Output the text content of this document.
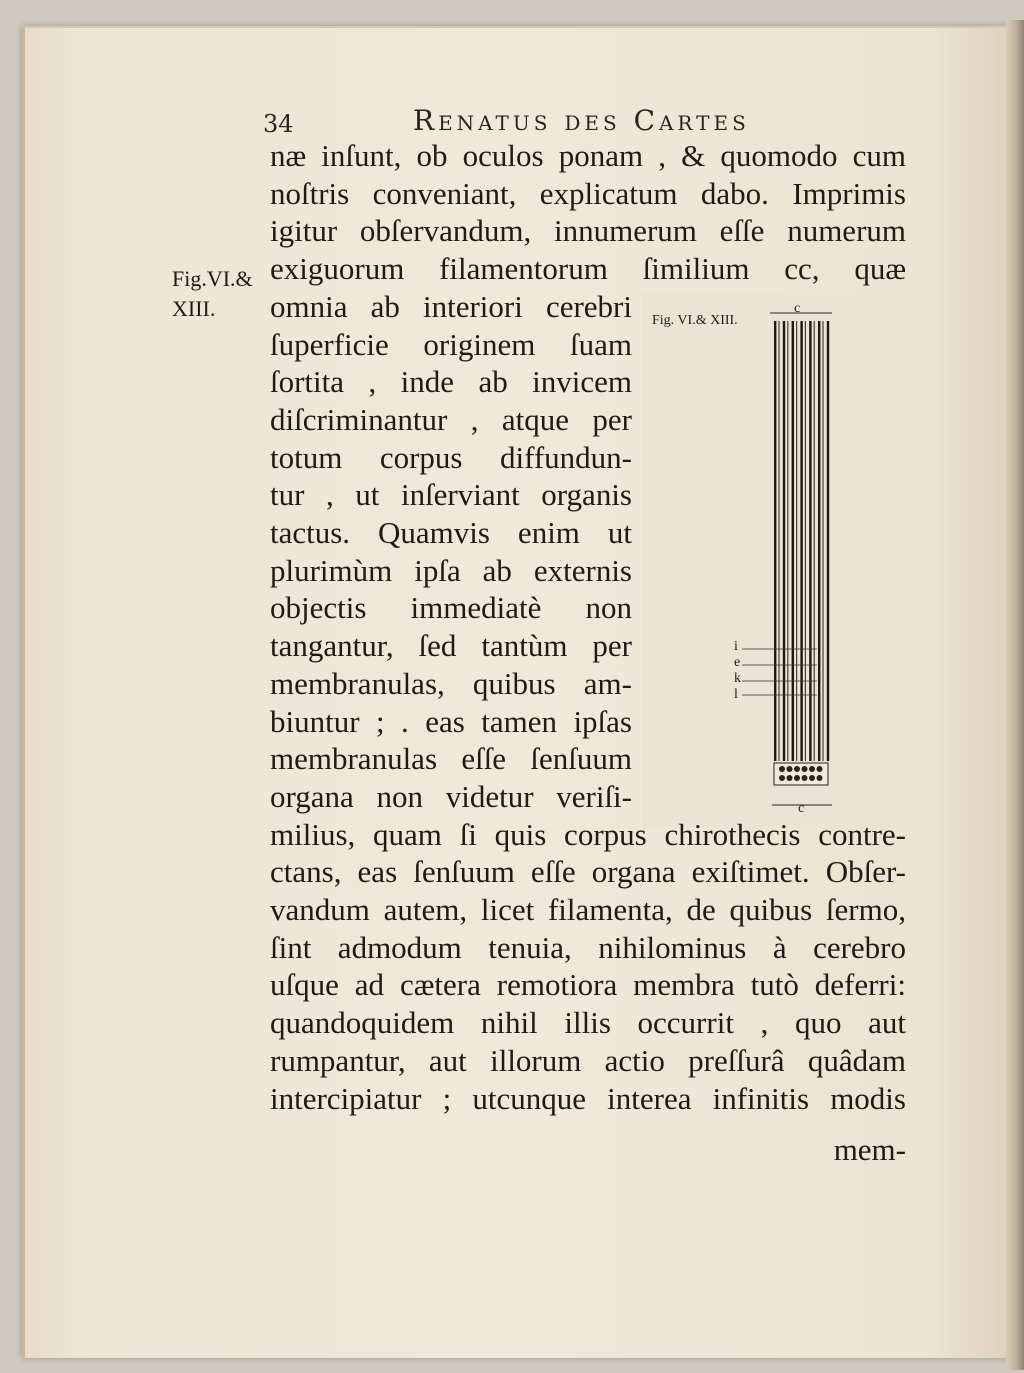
34	Renatus des Cartes
Fig.VI.&
XIII.	Fig. VI.& XIII.
c
c
i
e
k
l
næ inſunt, ob oculos ponam , & quomodo cum
noſtris conveniant, explicatum dabo. Imprimis
igitur obſervandum, innumerum eſſe numerum
exiguorum filamentorum ſimilium cc, quæ
omnia ab interiori cerebri
ſuperficie originem ſuam
ſortita , inde ab invicem
diſcriminantur , atque per
totum corpus diffundun-
tur , ut inſerviant organis
tactus. Quamvis enim ut
plurimùm ipſa ab externis
objectis immediatè non
tangantur, ſed tantùm per
membranulas, quibus am-
biuntur ; . eas tamen ipſas
membranulas eſſe ſenſuum
organa non videtur veriſi-
milius, quam ſi quis corpus chirothecis contre-
ctans, eas ſenſuum eſſe organa exiſtimet. Obſer-
vandum autem, licet filamenta, de quibus ſermo,
ſint admodum tenuia, nihilominus à cerebro
uſque ad cætera remotiora membra tutò deferri:
quandoquidem nihil illis occurrit , quo aut
rumpantur, aut illorum actio preſſurâ quâdam
intercipiatur ; utcunque interea infinitis modis
mem-
